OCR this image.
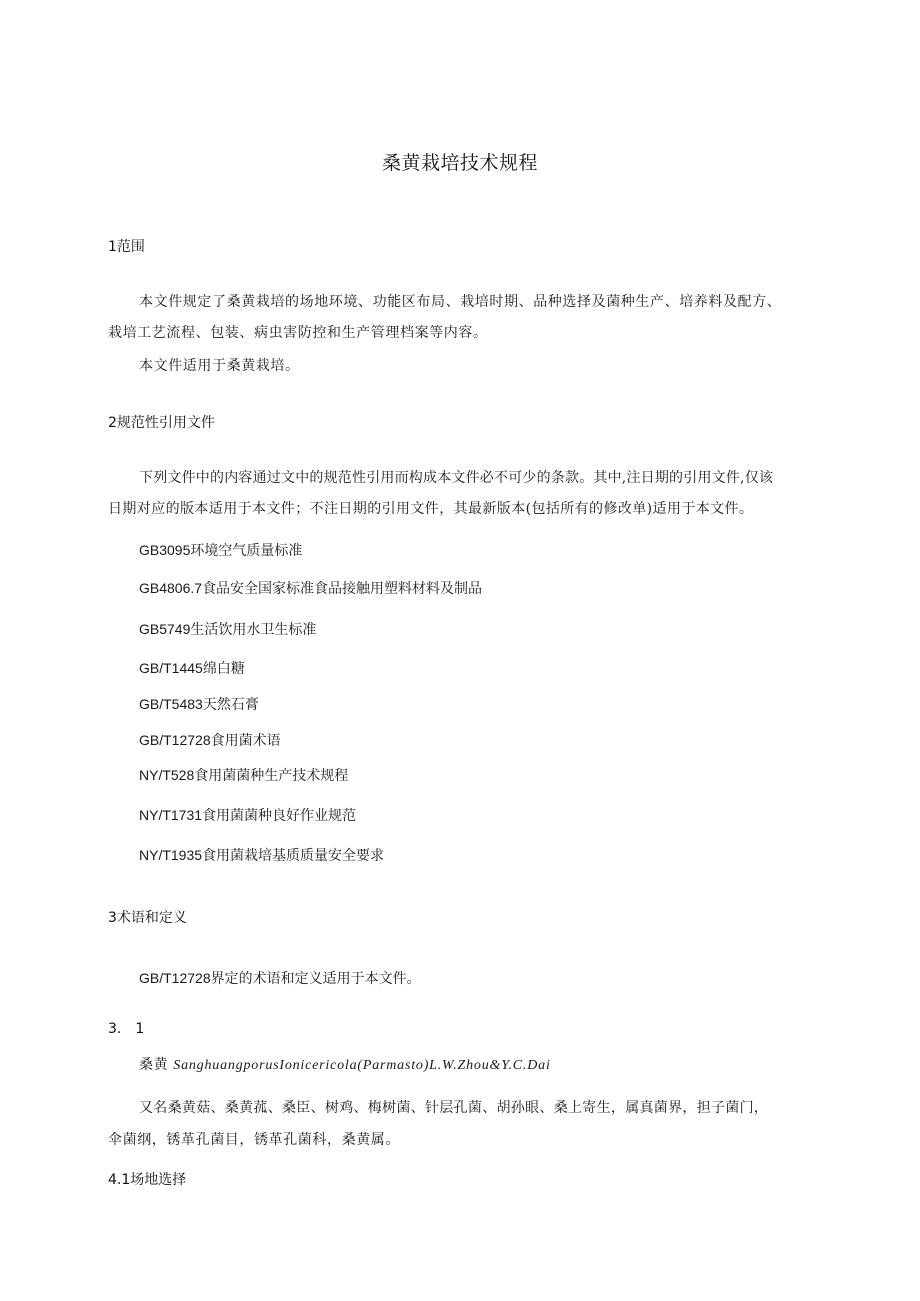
桑黄栽培技术规程
1范围
本文件规定了桑黄栽培的场地环境、功能区布局、栽培时期、品种选择及菌种生产、培养料及配方、
栽培工艺流程、包装、病虫害防控和生产管理档案等内容。
本文件适用于桑黄栽培。
2规范性引用文件
下列文件中的内容通过文中的规范性引用而构成本文件必不可少的条款。其中,注日期的引用文件,仅该
日期对应的版本适用于本文件；不注日期的引用文件，其最新版本(包括所有的修改单)适用于本文件。
GB3095环境空气质量标准
GB4806.7食品安全国家标准食品接触用塑料材料及制品
GB5749生活饮用水卫生标准
GB/T1445绵白糖
GB/T5483天然石膏
GB/T12728食用菌术语
NY/T528食用菌菌种生产技术规程
NY/T1731食用菌菌种良好作业规范
NY/T1935食用菌栽培基质质量安全要求
3术语和定义
GB/T12728界定的术语和定义适用于本文件。
3.　1
桑黄 SanghuangporusIonicericola(Parmasto)L.W.Zhou&Y.C.Dai
又名桑黄菇、桑黄菰、桑臣、树鸡、梅树菌、针层孔菌、胡孙眼、桑上寄生，属真菌界，担子菌门，
伞菌纲，锈革孔菌目，锈革孔菌科，桑黄属。
4.1场地选择
